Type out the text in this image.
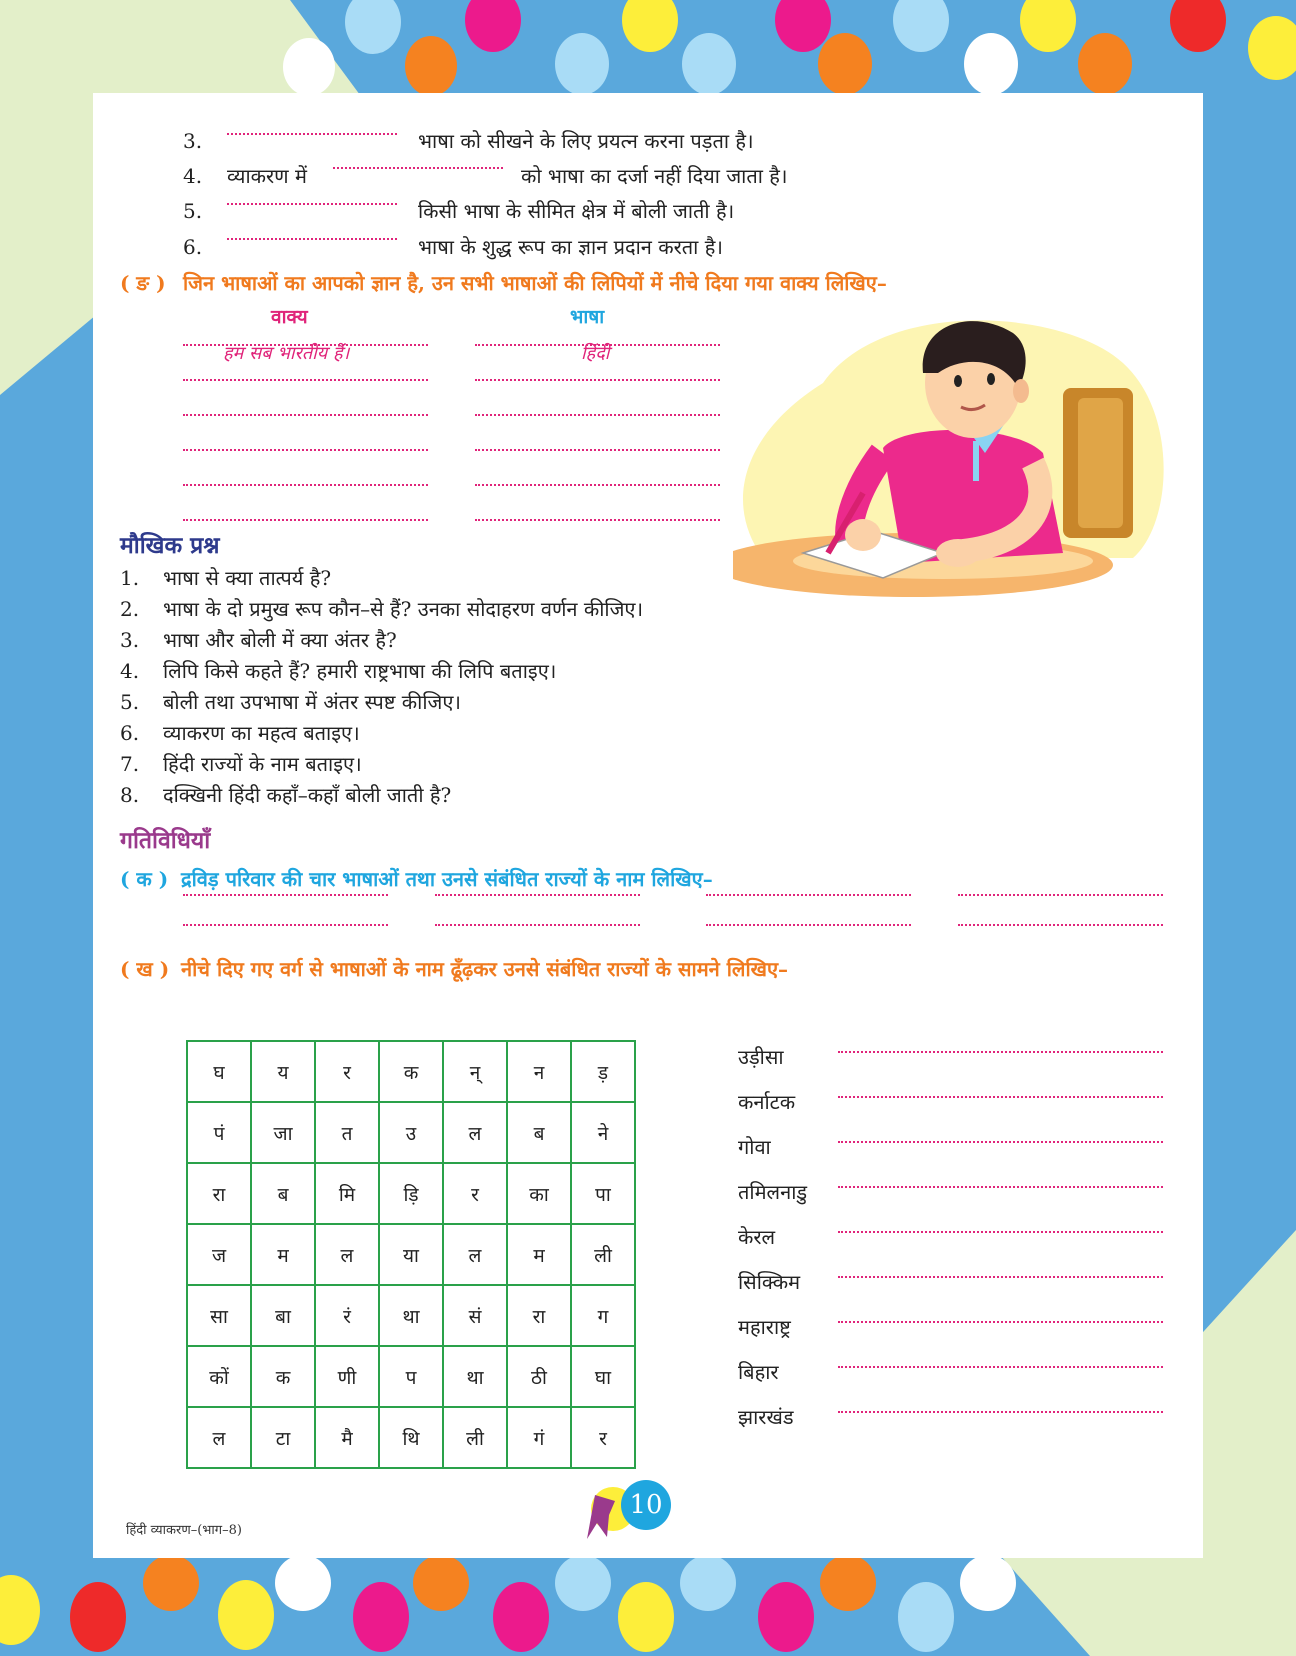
3.	भाषा को सीखने के लिए प्रयत्न करना पड़ता है।
4. व्याकरण में	को भाषा का दर्जा नहीं दिया जाता है।
5.	किसी भाषा के सीमित क्षेत्र में बोली जाती है।
6.	भाषा के शुद्ध रूप का ज्ञान प्रदान करता है।
( ङ ) जिन भाषाओं का आपको ज्ञान है, उन सभी भाषाओं की लिपियों में नीचे दिया गया वाक्य लिखिए–
वाक्य	भाषा
हम सब भारतीय हैं।	हिंदी
मौखिक प्रश्न
1. भाषा से क्या तात्पर्य है?
2. भाषा के दो प्रमुख रूप कौन–से हैं? उनका सोदाहरण वर्णन कीजिए।
3. भाषा और बोली में क्या अंतर है?
4. लिपि किसे कहते हैं? हमारी राष्ट्रभाषा की लिपि बताइए।
5. बोली तथा उपभाषा में अंतर स्पष्ट कीजिए।
6. व्याकरण का महत्व बताइए।
7. हिंदी राज्यों के नाम बताइए।
8. दक्खिनी हिंदी कहाँ–कहाँ बोली जाती है?
गतिविधियाँ
( क ) द्रविड़ परिवार की चार भाषाओं तथा उनसे संबंधित राज्यों के नाम लिखिए–
( ख ) नीचे दिए गए वर्ग से भाषाओं के नाम ढूँढ़कर उनसे संबंधित राज्यों के सामने लिखिए–
घ	य	र	क	न्	न	ड़
पं	जा	त	उ	ल	ब	ने
रा	ब	मि	ड़ि	र	का	पा
ज	म	ल	या	ल	म	ली
सा	बा	रं	था	सं	रा	ग
कों	क	णी	प	था	ठी	घा
ल	टा	मै	थि	ली	गं	र
उड़ीसा
कर्नाटक
गोवा
तमिलनाडु
केरल
सिक्किम
महाराष्ट्र
बिहार
झारखंड
हिंदी व्याकरण–(भाग–8)
10
